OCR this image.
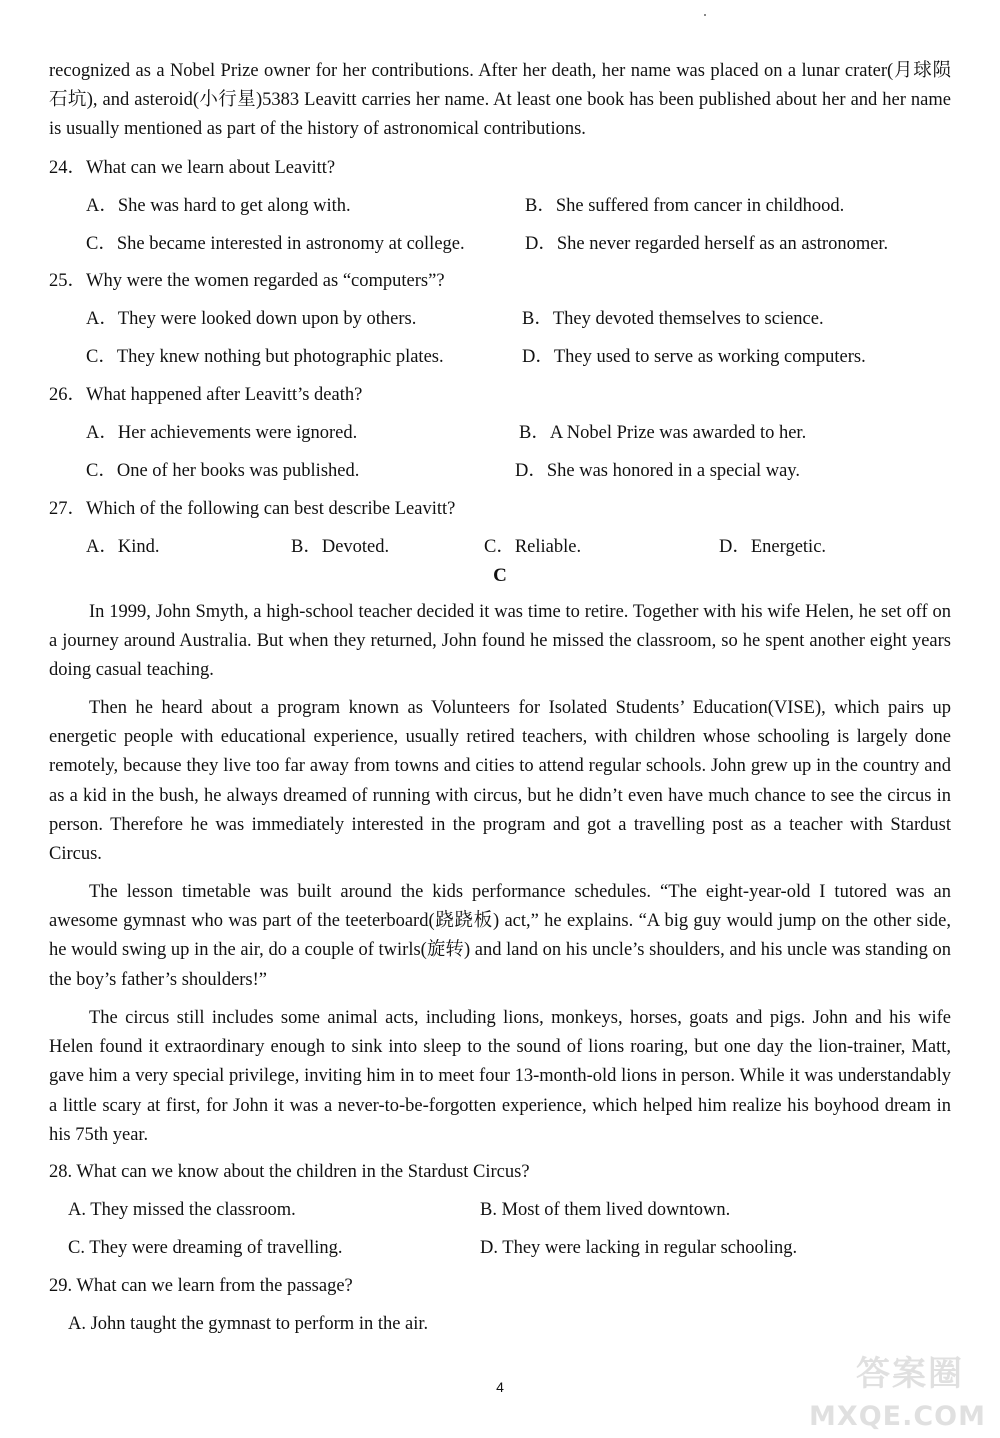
recognized as a Nobel Prize owner for her contributions. After her death, her name was placed on a lunar crater(月球陨石坑), and asteroid(小行星)5383 Leavitt carries her name. At least one book has been published about her and her name is usually mentioned as part of the history of astronomical contributions.

24．What can we learn about Leavitt?

A．She was hard to get along with.	B．She suffered from cancer in childhood.

C．She became interested in astronomy at college.	D．She never regarded herself as an astronomer.

25．Why were the women regarded as “computers”?

A．They were looked down upon by others.	B．They devoted themselves to science.

C．They knew nothing but photographic plates.	D．They used to serve as working computers.

26．What happened after Leavitt’s death?

A．Her achievements were ignored.	B．A Nobel Prize was awarded to her.

C．One of her books was published.	D．She was honored in a special way.

27．Which of the following can best describe Leavitt?

A．Kind.	B．Devoted.	C．Reliable.	D．Energetic.

C

In 1999, John Smyth, a high-school teacher decided it was time to retire. Together with his wife Helen, he set off on a journey around Australia. But when they returned, John found he missed the classroom, so he spent another eight years doing casual teaching.

Then he heard about a program known as Volunteers for Isolated Students’ Education(VISE), which pairs up energetic people with educational experience, usually retired teachers, with children whose schooling is largely done remotely, because they live too far away from towns and cities to attend regular schools. John grew up in the country and as a kid in the bush, he always dreamed of running with circus, but he didn’t even have much chance to see the circus in person. Therefore he was immediately interested in the program and got a travelling post as a teacher with Stardust Circus.

The lesson timetable was built around the kids performance schedules. “The eight-year-old I tutored was an awesome gymnast who was part of the teeterboard(跷跷板) act,” he explains. “A big guy would jump on the other side, he would swing up in the air, do a couple of twirls(旋转) and land on his uncle’s shoulders, and his uncle was standing on the boy’s father’s shoulders!”

The circus still includes some animal acts, including lions, monkeys, horses, goats and pigs. John and his wife Helen found it extraordinary enough to sink into sleep to the sound of lions roaring, but one day the lion-trainer, Matt, gave him a very special privilege, inviting him in to meet four 13-month-old lions in person. While it was understandably a little scary at first, for John it was a never-to-be-forgotten experience, which helped him realize his boyhood dream in his 75th year.

28. What can we know about the children in the Stardust Circus?

A. They missed the classroom.	B. Most of them lived downtown.

C. They were dreaming of travelling.	D. They were lacking in regular schooling.

29. What can we learn from the passage?

A. John taught the gymnast to perform in the air.

4	答案圈
MXQE.COM
